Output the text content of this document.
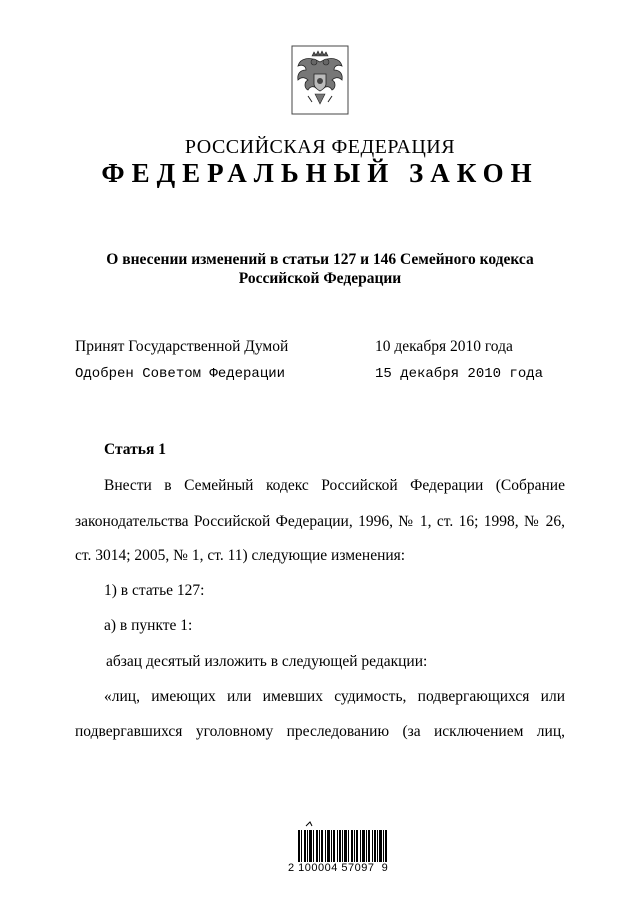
РОССИЙСКАЯ ФЕДЕРАЦИЯ
ФЕДЕРАЛЬНЫЙ ЗАКОН
О внесении изменений в статьи 127 и 146 Семейного кодекса
Российской Федерации
Принят Государственной Думой	10 декабря 2010 года
Одобрен Советом Федерации	15 декабря 2010 года
Статья 1
Внести в Семейный кодекс Российской Федерации (Собрание
законодательства Российской Федерации, 1996, № 1, ст. 16; 1998, № 26,
ст. 3014; 2005, № 1, ст. 11) следующие изменения:
1) в статье 127:
а) в пункте 1:
абзац десятый изложить в следующей редакции:
«лиц, имеющих или имевших судимость, подвергающихся или
подвергавшихся уголовному преследованию (за исключением лиц,
2 100004 57097  9
